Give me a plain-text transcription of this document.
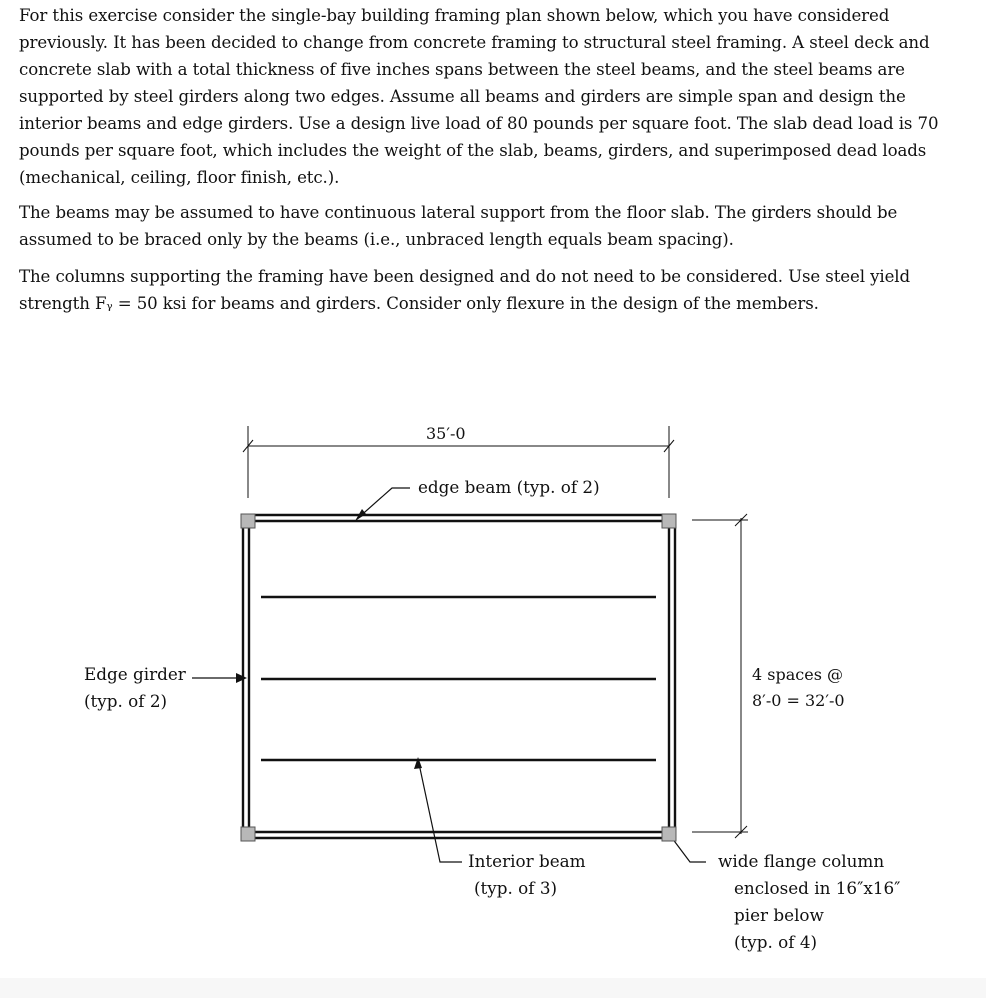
For this exercise consider the single-bay building framing plan shown below, which you have considered previously. It has been decided to change from concrete framing to structural steel framing. A steel deck and concrete slab with a total thickness of five inches spans between the steel beams, and the steel beams are supported by steel girders along two edges. Assume all beams and girders are simple span and design the interior beams and edge girders. Use a design live load of 80 pounds per square foot. The slab dead load is 70 pounds per square foot, which includes the weight of the slab, beams, girders, and superimposed dead loads (mechanical, ceiling, floor finish, etc.).

The beams may be assumed to have continuous lateral support from the floor slab. The girders should be assumed to be braced only by the beams (i.e., unbraced length equals beam spacing).

The columns supporting the framing have been designed and do not need to be considered. Use steel yield strength Fᵧ = 50 ksi for beams and girders. Consider only flexure in the design of the members.

35′-0
edge beam (typ. of 2)
Edge girder
(typ. of 2)
4 spaces @
8′-0 = 32′-0
Interior beam
(typ. of 3)
wide flange column
enclosed in 16″x16″
pier below
(typ. of 4)
